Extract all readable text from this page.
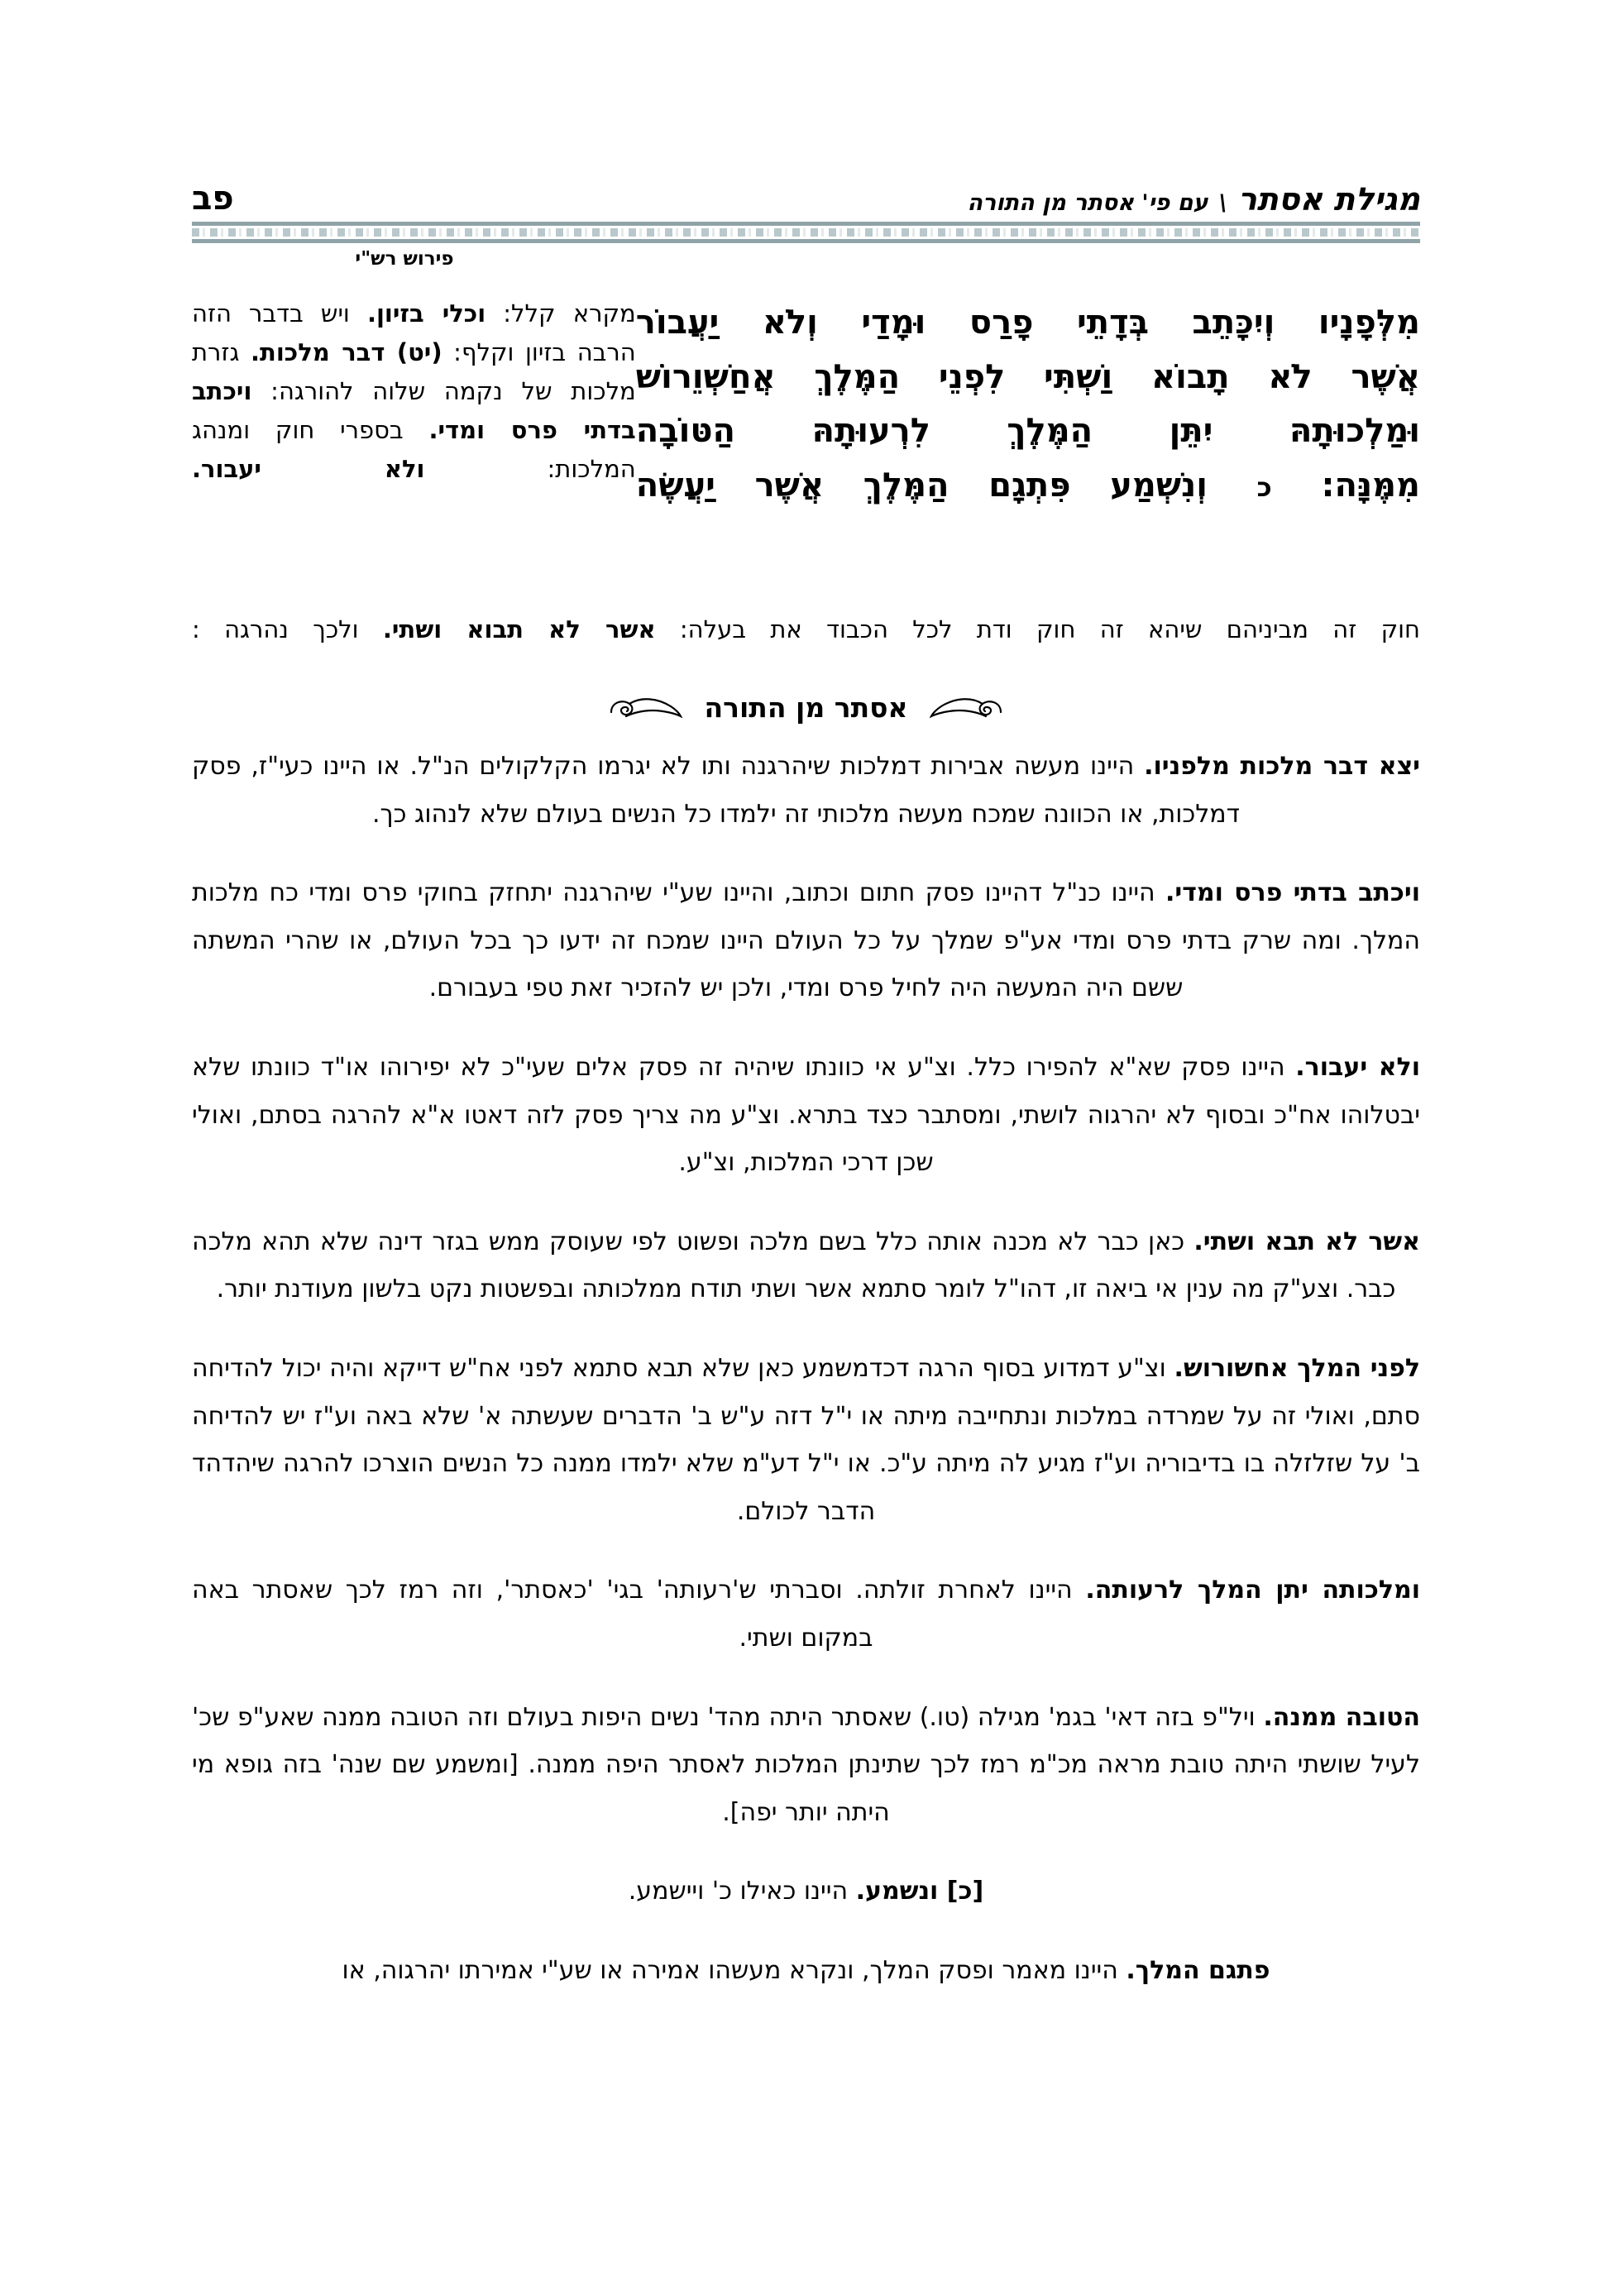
מגילת אסתר \ עם פי' אסתר מן התורה
פב
פירוש רש"י
מִלְּפָנָיו וְיִכָּתֵב בְּדָתֵי פָרַס וּמָדַי וְלֹא יַעֲבוֹר
אֲשֶׁר לֹא תָבוֹא וַשְׁתִּי לִפְנֵי הַמֶּלֶךְ אֲחַשְׁוֵרוֹשׁ
וּמַלְכוּתָהּ יִתֵּן הַמֶּלֶךְ לִרְעוּתָהּ הַטּוֹבָה
מִמֶּנָּה: כ וְנִשְׁמַע פִּתְגָם הַמֶּלֶךְ אֲשֶׁר יַעֲשֶׂה
מקרא קלל: וכלי בזיון. ויש בדבר הזה הרבה בזיון וקלף: (יט) דבר מלכות. גזרת מלכות של נקמה שלוה להורגה: ויכתב בדתי פרס ומדי. בספרי חוק ומנהג המלכות: ולא יעבור.
חוק זה מביניהם שיהא זה חוק ודת לכל הכבוד את בעלה: אשר לא תבוא ושתי. ולכך נהרגה :
אסתר מן התורה
יצא דבר מלכות מלפניו. היינו מעשה אבירות דמלכות שיהרגנה ותו לא יגרמו הקלקולים הנ"ל. או היינו כעי"ז, פסק דמלכות, או הכוונה שמכח מעשה מלכותי זה ילמדו כל הנשים בעולם שלא לנהוג כך.
ויכתב בדתי פרס ומדי. היינו כנ"ל דהיינו פסק חתום וכתוב, והיינו שע"י שיהרגנה יתחזק בחוקי פרס ומדי כח מלכות המלך. ומה שרק בדתי פרס ומדי אע"פ שמלך על כל העולם היינו שמכח זה ידעו כך בכל העולם, או שהרי המשתה ששם היה המעשה היה לחיל פרס ומדי, ולכן יש להזכיר זאת טפי בעבורם.
ולא יעבור. היינו פסק שא"א להפירו כלל. וצ"ע אי כוונתו שיהיה זה פסק אלים שעי"כ לא יפירוהו או"ד כוונתו שלא יבטלוהו אח"כ ובסוף לא יהרגוה לושתי, ומסתבר כצד בתרא. וצ"ע מה צריך פסק לזה דאטו א"א להרגה בסתם, ואולי שכן דרכי המלכות, וצ"ע.
אשר לא תבא ושתי. כאן כבר לא מכנה אותה כלל בשם מלכה ופשוט לפי שעוסק ממש בגזר דינה שלא תהא מלכה כבר. וצע"ק מה ענין אי ביאה זו, דהו"ל לומר סתמא אשר ושתי תודח ממלכותה ובפשטות נקט בלשון מעודנת יותר.
לפני המלך אחשורוש. וצ"ע דמדוע בסוף הרגה דכדמשמע כאן שלא תבא סתמא לפני אח"ש דייקא והיה יכול להדיחה סתם, ואולי זה על שמרדה במלכות ונתחייבה מיתה או י"ל דזה ע"ש ב' הדברים שעשתה א' שלא באה וע"ז יש להדיחה ב' על שזלזלה בו בדיבוריה וע"ז מגיע לה מיתה ע"כ. או י"ל דע"מ שלא ילמדו ממנה כל הנשים הוצרכו להרגה שיהדהד הדבר לכולם.
ומלכותה יתן המלך לרעותה. היינו לאחרת זולתה. וסברתי ש'רעותה' בגי' 'כאסתר', וזה רמז לכך שאסתר באה במקום ושתי.
הטובה ממנה. ויל"פ בזה דאי' בגמ' מגילה (טו.) שאסתר היתה מהד' נשים היפות בעולם וזה הטובה ממנה שאע"פ שכ' לעיל שושתי היתה טובת מראה מכ"מ רמז לכך שתינתן המלכות לאסתר היפה ממנה. [ומשמע שם שנה' בזה גופא מי היתה יותר יפה].
[כ] ונשמע. היינו כאילו כ' ויישמע.
פתגם המלך. היינו מאמר ופסק המלך, ונקרא מעשהו אמירה או שע"י אמירתו יהרגוה, או
